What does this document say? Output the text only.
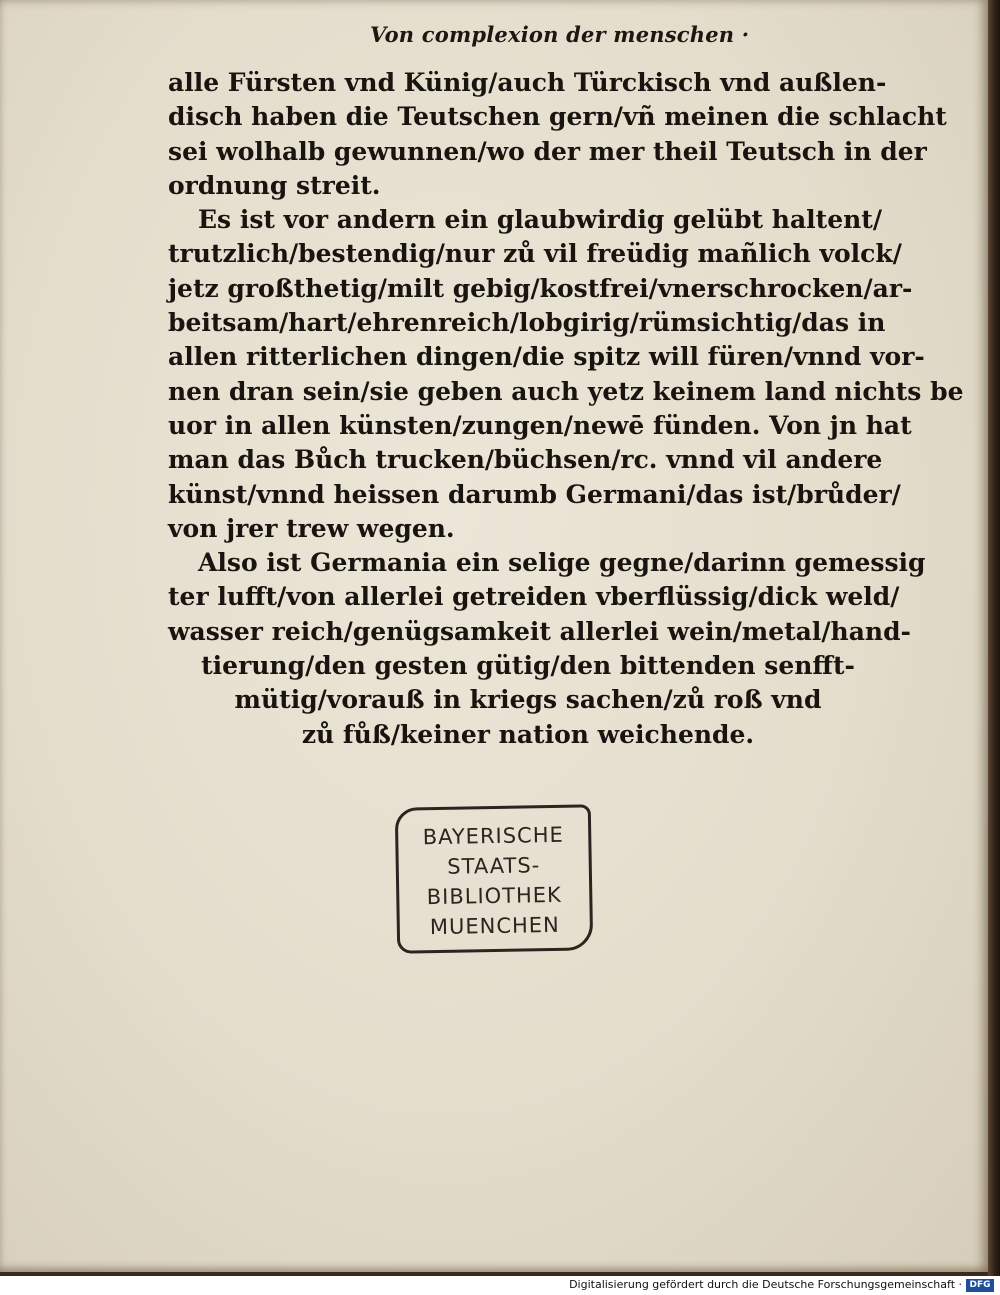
Von complexion der menschen ·
alle Fürsten vnd Künig/auch Türckisch vnd außlen-
disch haben die Teutschen gern/vñ meinen die schlacht
sei wolhalb gewunnen/wo der mer theil Teutsch in der
ordnung streit.
Es ist vor andern ein glaubwirdig gelübt haltent/
trutzlich/bestendig/nur zů vil freüdig mañlich volck/
jetz großthetig/milt gebig/kostfrei/vnerschrocken/ar-
beitsam/hart/ehrenreich/lobgirig/rümsichtig/das in
allen ritterlichen dingen/die spitz will füren/vnnd vor-
nen dran sein/sie geben auch yetz keinem land nichts be
uor in allen künsten/zungen/newē fünden. Von jn hat
man das Bůch trucken/büchsen/rc. vnnd vil andere
künst/vnnd heissen darumb Germani/das ist/brůder/
von jrer trew wegen.
Also ist Germania ein selige gegne/darinn gemessig
ter lufft/von allerlei getreiden vberflüssig/dick weld/
wasser reich/genügsamkeit allerlei wein/metal/hand-
tierung/den gesten gütig/den bittenden senfft-
mütig/vorauß in kriegs sachen/zů roß vnd
zů fůß/keiner nation weichende.
BAYERISCHE
STAATS-
BIBLIOTHEK
MUENCHEN
Digitalisierung gefördert durch die Deutsche Forschungsgemeinschaft · DFG
